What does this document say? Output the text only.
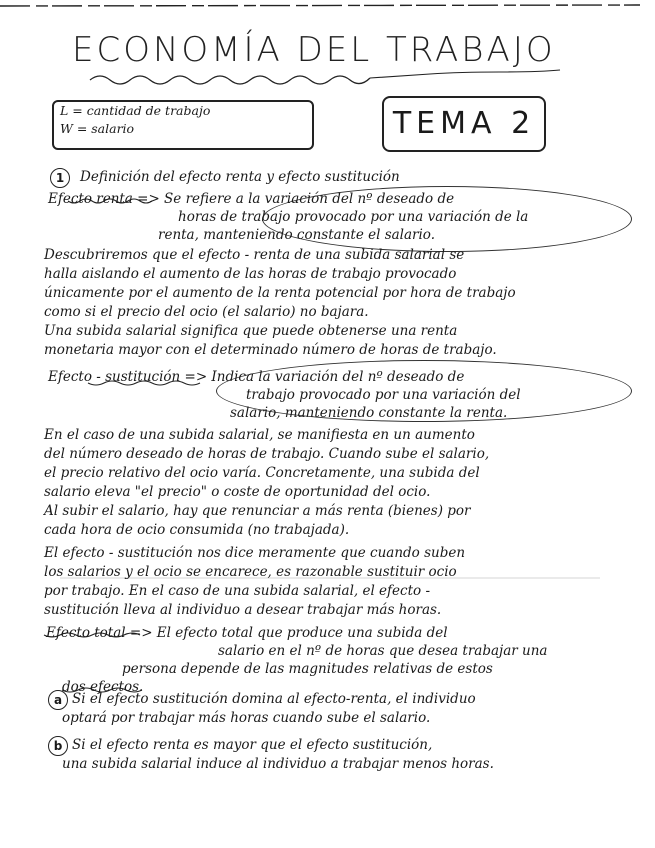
ECONOMÍA DEL TRABAJO
L = cantidad de trabajo
W = salario	TEMA 2
1	Definición del efecto renta y efecto sustitución
Efecto renta => Se refiere a la variación del nº deseado de
horas de trabajo provocado por una variación de la
renta, manteniendo constante el salario.
Descubriremos que el efecto - renta de una subida salarial se
halla aislando el aumento de las horas de trabajo provocado
únicamente por el aumento de la renta potencial por hora de trabajo
como si el precio del ocio (el salario) no bajara.
Una subida salarial significa que puede obtenerse una renta
monetaria mayor con el determinado número de horas de trabajo.
Efecto - sustitución => Indica la variación del nº deseado de
trabajo provocado por una variación del
salario, manteniendo constante la renta.
En el caso de una subida salarial, se manifiesta en un aumento
del número deseado de horas de trabajo. Cuando sube el salario,
el precio relativo del ocio varía. Concretamente, una subida del
salario eleva "el precio" o coste de oportunidad del ocio.
Al subir el salario, hay que renunciar a más renta (bienes) por
cada hora de ocio consumida (no trabajada).
El efecto - sustitución nos dice meramente que cuando suben
los salarios y el ocio se encarece, es razonable sustituir ocio
por trabajo. En el caso de una subida salarial, el efecto -
sustitución lleva al individuo a desear trabajar más horas.
Efecto total => El efecto total que produce una subida del
salario en el nº de horas que desea trabajar una
persona depende de las magnitudes relativas de estos
dos efectos.
a Si el efecto sustitución domina al efecto-renta, el individuo
optará por trabajar más horas cuando sube el salario.
b Si el efecto renta es mayor que el efecto sustitución,
una subida salarial induce al individuo a trabajar menos horas.
